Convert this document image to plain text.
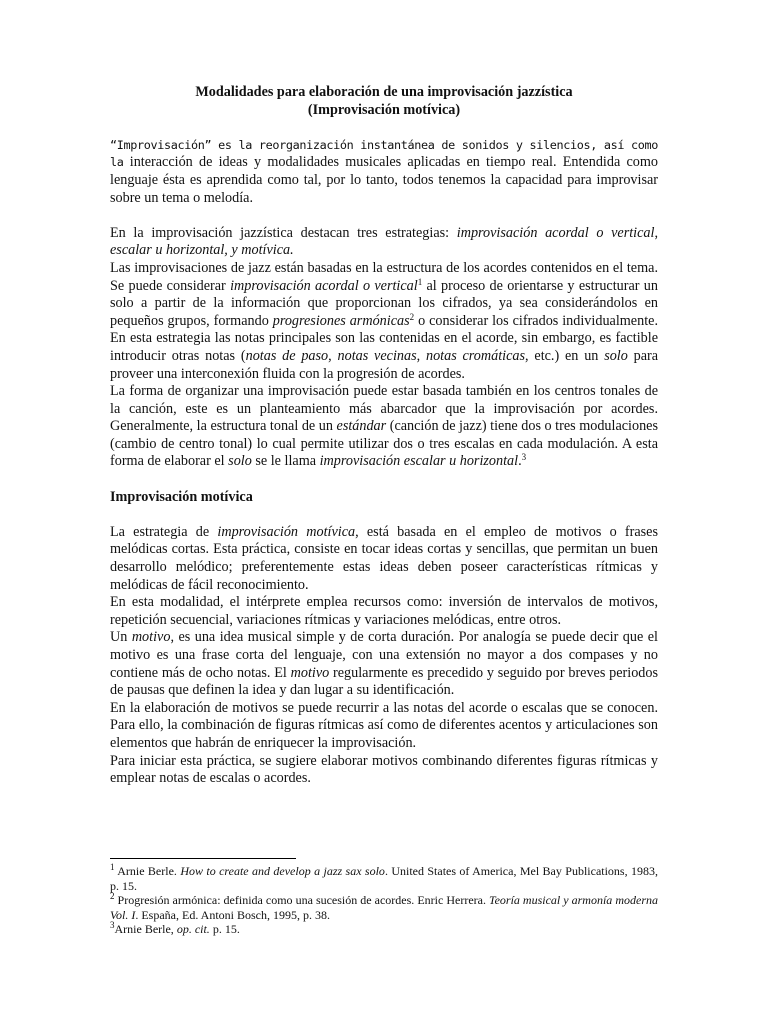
Modalidades para elaboración de una improvisación jazzística
(Improvisación motívica)

“Improvisación” es la reorganización instantánea de sonidos y silencios, así como la interacción de ideas y modalidades musicales aplicadas en tiempo real. Entendida como lenguaje ésta es aprendida como tal, por lo tanto, todos tenemos la capacidad para improvisar sobre un tema o melodía.

En la improvisación jazzística destacan tres estrategias: improvisación acordal o vertical, escalar u horizontal, y motívica.

Las improvisaciones de jazz están basadas en la estructura de los acordes contenidos en el tema. Se puede considerar improvisación acordal o vertical$^1$ al proceso de orientarse y estructurar un solo a partir de la información que proporcionan los cifrados, ya sea considerándolos en pequeños grupos, formando progresiones armónicas$^2$ o considerar los cifrados individualmente. En esta estrategia las notas principales son las contenidas en el acorde, sin embargo, es factible introducir otras notas (notas de paso, notas vecinas, notas cromáticas, etc.) en un solo para proveer una interconexión fluida con la progresión de acordes.

La forma de organizar una improvisación puede estar basada también en los centros tonales de la canción, este es un planteamiento más abarcador que la improvisación por acordes. Generalmente, la estructura tonal de un estándar (canción de jazz) tiene dos o tres modulaciones (cambio de centro tonal) lo cual permite utilizar dos o tres escalas en cada modulación. A esta forma de elaborar el solo se le llama improvisación escalar u horizontal.$^3$

Improvisación motívica

La estrategia de improvisación motívica, está basada en el empleo de motivos o frases melódicas cortas. Esta práctica, consiste en tocar ideas cortas y sencillas, que permitan un buen desarrollo melódico; preferentemente estas ideas deben poseer características rítmicas y melódicas de fácil reconocimiento.

En esta modalidad, el intérprete emplea recursos como: inversión de intervalos de motivos, repetición secuencial, variaciones rítmicas y variaciones melódicas, entre otros.

Un motivo, es una idea musical simple y de corta duración. Por analogía se puede decir que el motivo es una frase corta del lenguaje, con una extensión no mayor a dos compases y no contiene más de ocho notas. El motivo regularmente es precedido y seguido por breves periodos de pausas que definen la idea y dan lugar a su identificación.

En la elaboración de motivos se puede recurrir a las notas del acorde o escalas que se conocen. Para ello, la combinación de figuras rítmicas así como de diferentes acentos y articulaciones son elementos que habrán de enriquecer la improvisación.

Para iniciar esta práctica, se sugiere elaborar motivos combinando diferentes figuras rítmicas y emplear notas de escalas o acordes.

$^1$ Arnie Berle. How to create and develop a jazz sax solo. United States of America, Mel Bay Publications, 1983, p. 15.

$^2$ Progresión armónica: definida como una sucesión de acordes. Enric Herrera. Teoría musical y armonía moderna Vol. I. España, Ed. Antoni Bosch, 1995, p. 38.

$^3$Arnie Berle, op. cit. p. 15.
